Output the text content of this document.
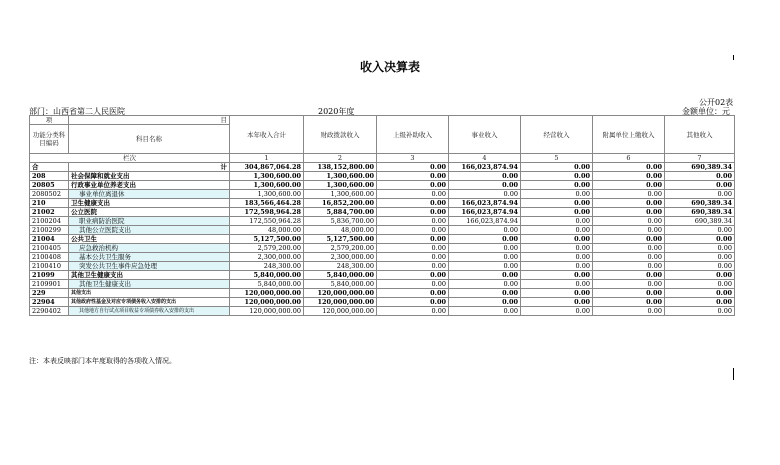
收入决算表
公开02表
金额单位：元
部门：山西省第二人民医院	2020年度
项	目	本年收入合计	财政拨款收入	上级补助收入	事业收入	经营收入	附属单位上缴收入	其他收入
功能分类科目编码	科目名称							

栏次		1	2	3	4	5	6	7
合	计	304,867,064.28	138,152,800.00	0.00	166,023,874.94	0.00	0.00	690,389.34
208	社会保障和就业支出	1,300,600.00	1,300,600.00	0.00	0.00	0.00	0.00	0.00
20805	行政事业单位养老支出	1,300,600.00	1,300,600.00	0.00	0.00	0.00	0.00	0.00
2080502	事业单位离退休	1,300,600.00	1,300,600.00	0.00	0.00	0.00	0.00	0.00
210	卫生健康支出	183,566,464.28	16,852,200.00	0.00	166,023,874.94	0.00	0.00	690,389.34
21002	公立医院	172,598,964.28	5,884,700.00	0.00	166,023,874.94	0.00	0.00	690,389.34
2100204	职业病防治医院	172,550,964.28	5,836,700.00	0.00	166,023,874.94	0.00	0.00	690,389.34
2100299	其他公立医院支出	48,000.00	48,000.00	0.00	0.00	0.00	0.00	0.00
21004	公共卫生	5,127,500.00	5,127,500.00	0.00	0.00	0.00	0.00	0.00
2100405	应急救治机构	2,579,200.00	2,579,200.00	0.00	0.00	0.00	0.00	0.00
2100408	基本公共卫生服务	2,300,000.00	2,300,000.00	0.00	0.00	0.00	0.00	0.00
2100410	突发公共卫生事件应急处理	248,300.00	248,300.00	0.00	0.00	0.00	0.00	0.00
21099	其他卫生健康支出	5,840,000.00	5,840,000.00	0.00	0.00	0.00	0.00	0.00
2109901	其他卫生健康支出	5,840,000.00	5,840,000.00	0.00	0.00	0.00	0.00	0.00
229	其他支出	120,000,000.00	120,000,000.00	0.00	0.00	0.00	0.00	0.00
22904	其他政府性基金及对应专项债务收入安排的支出	120,000,000.00	120,000,000.00	0.00	0.00	0.00	0.00	0.00
2290402	其他地方自行试点项目收益专项债券收入安排的支出	120,000,000.00	120,000,000.00	0.00	0.00	0.00	0.00	0.00
注：本表反映部门本年度取得的各项收入情况。
